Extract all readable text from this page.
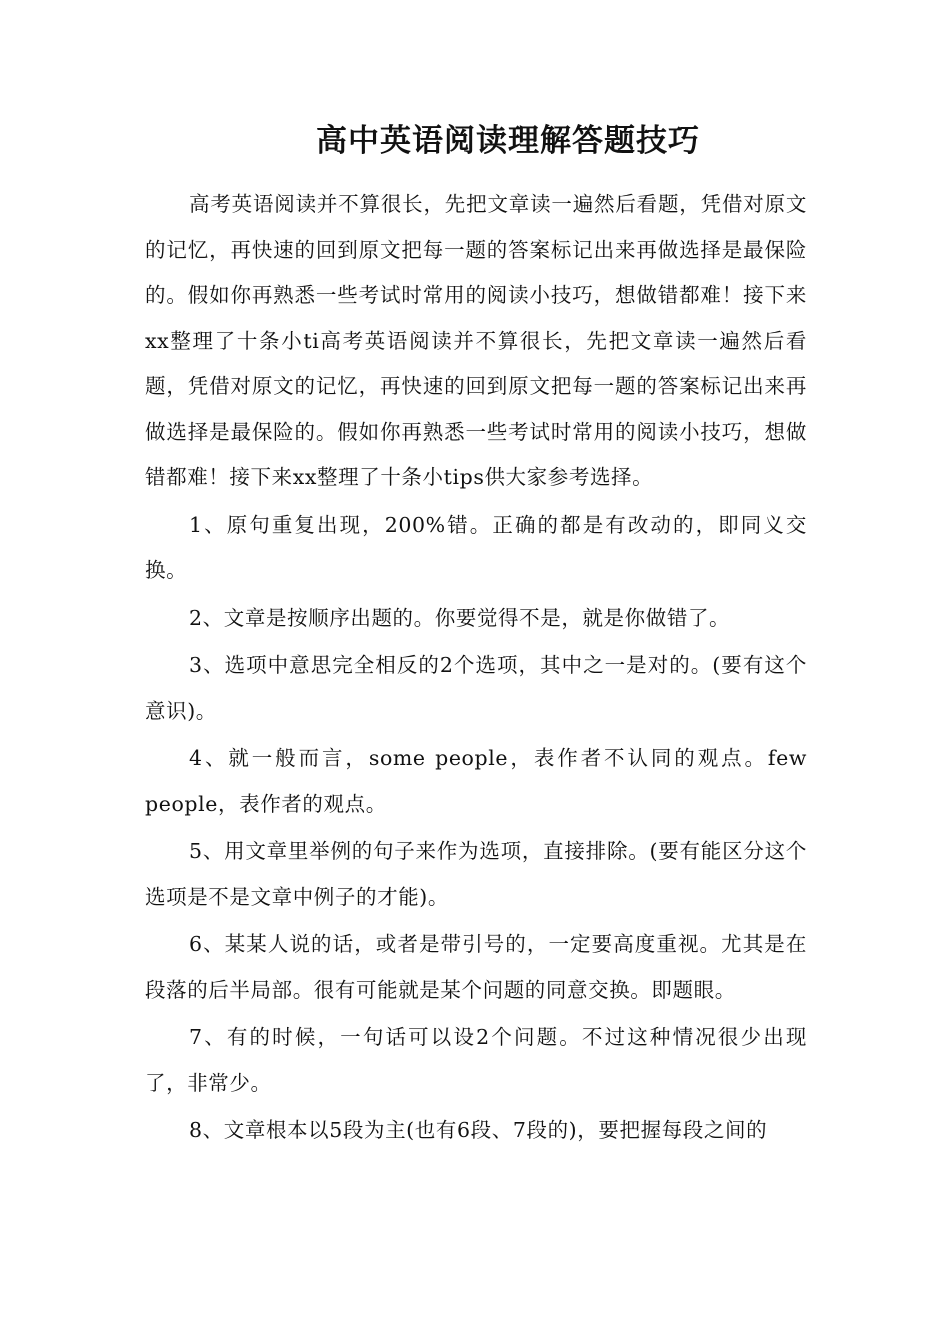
高中英语阅读理解答题技巧

高考英语阅读并不算很长，先把文章读一遍然后看题，凭借对原文的记忆，再快速的回到原文把每一题的答案标记出来再做选择是最保险的。假如你再熟悉一些考试时常用的阅读小技巧，想做错都难！接下来xx整理了十条小ti高考英语阅读并不算很长，先把文章读一遍然后看题，凭借对原文的记忆，再快速的回到原文把每一题的答案标记出来再做选择是最保险的。假如你再熟悉一些考试时常用的阅读小技巧，想做错都难！接下来xx整理了十条小tips供大家参考选择。

1、原句重复出现，200%错。正确的都是有改动的，即同义交换。

2、文章是按顺序出题的。你要觉得不是，就是你做错了。

3、选项中意思完全相反的2个选项，其中之一是对的。(要有这个意识)。

4、就一般而言，some people，表作者不认同的观点。few people，表作者的观点。

5、用文章里举例的句子来作为选项，直接排除。(要有能区分这个选项是不是文章中例子的才能)。

6、某某人说的话，或者是带引号的，一定要高度重视。尤其是在段落的后半局部。很有可能就是某个问题的同意交换。即题眼。

7、有的时候，一句话可以设2个问题。不过这种情况很少出现了，非常少。

8、文章根本以5段为主(也有6段、7段的)，要把握每段之间的
